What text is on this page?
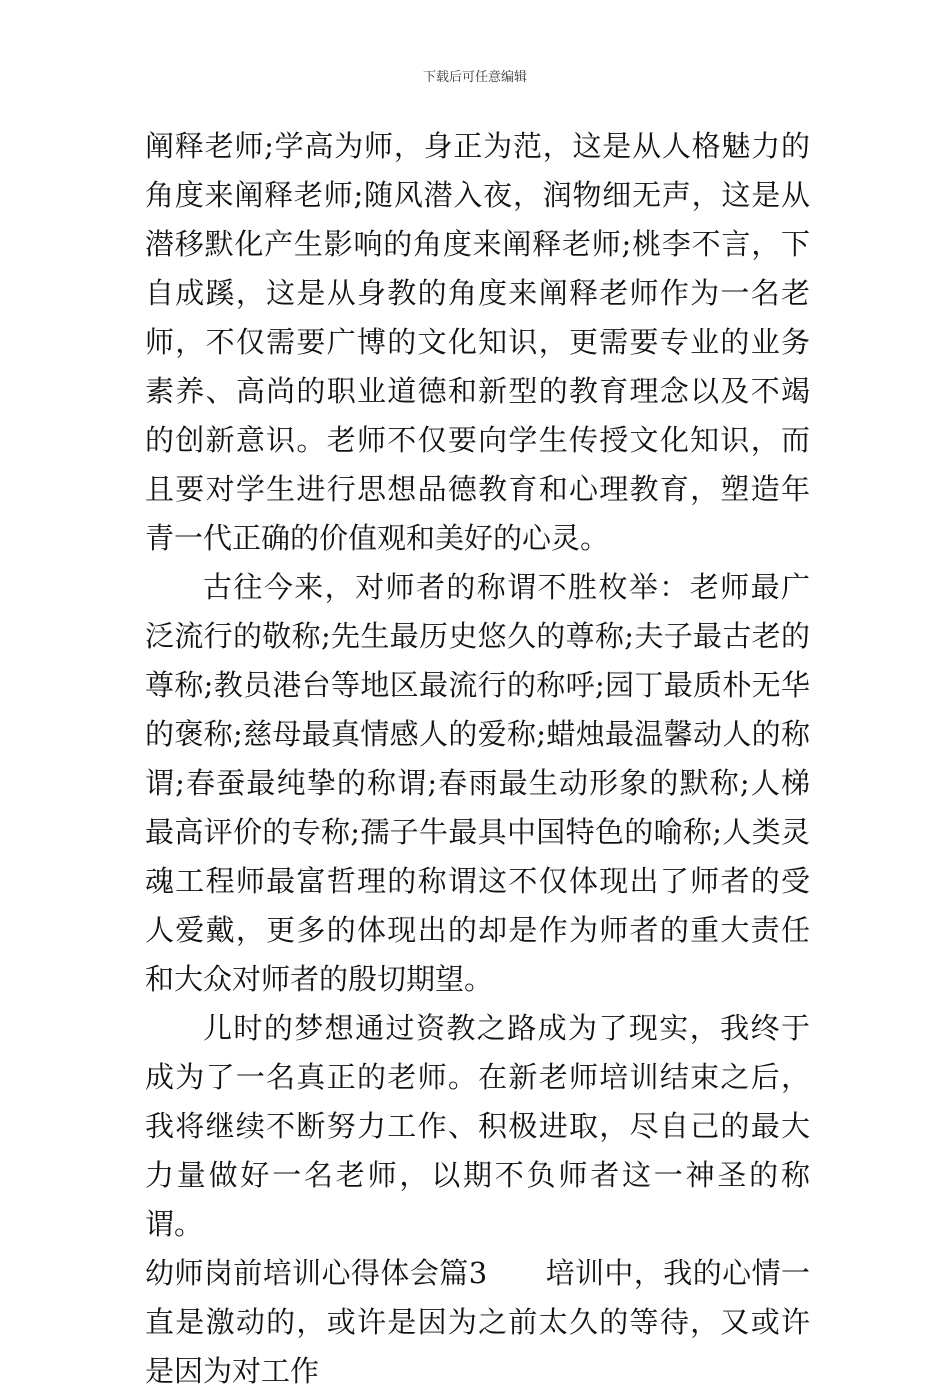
下载后可任意编辑

阐释老师;学高为师，身正为范，这是从人格魅力的角度来阐释老师;随风潜入夜，润物细无声，这是从潜移默化产生影响的角度来阐释老师;桃李不言，下自成蹊，这是从身教的角度来阐释老师作为一名老师，不仅需要广博的文化知识，更需要专业的业务素养、高尚的职业道德和新型的教育理念以及不竭的创新意识。老师不仅要向学生传授文化知识，而且要对学生进行思想品德教育和心理教育，塑造年青一代正确的价值观和美好的心灵。

古往今来，对师者的称谓不胜枚举：老师最广泛流行的敬称;先生最历史悠久的尊称;夫子最古老的尊称;教员港台等地区最流行的称呼;园丁最质朴无华的褒称;慈母最真情感人的爱称;蜡烛最温馨动人的称谓;春蚕最纯挚的称谓;春雨最生动形象的默称;人梯最高评价的专称;孺子牛最具中国特色的喻称;人类灵魂工程师最富哲理的称谓这不仅体现出了师者的受人爱戴，更多的体现出的却是作为师者的重大责任和大众对师者的殷切期望。

儿时的梦想通过资教之路成为了现实，我终于成为了一名真正的老师。在新老师培训结束之后，我将继续不断努力工作、积极进取，尽自己的最大力量做好一名老师，以期不负师者这一神圣的称谓。

幼师岗前培训心得体会篇3 培训中，我的心情一直是激动的，或许是因为之前太久的等待，又或许是因为对工作
